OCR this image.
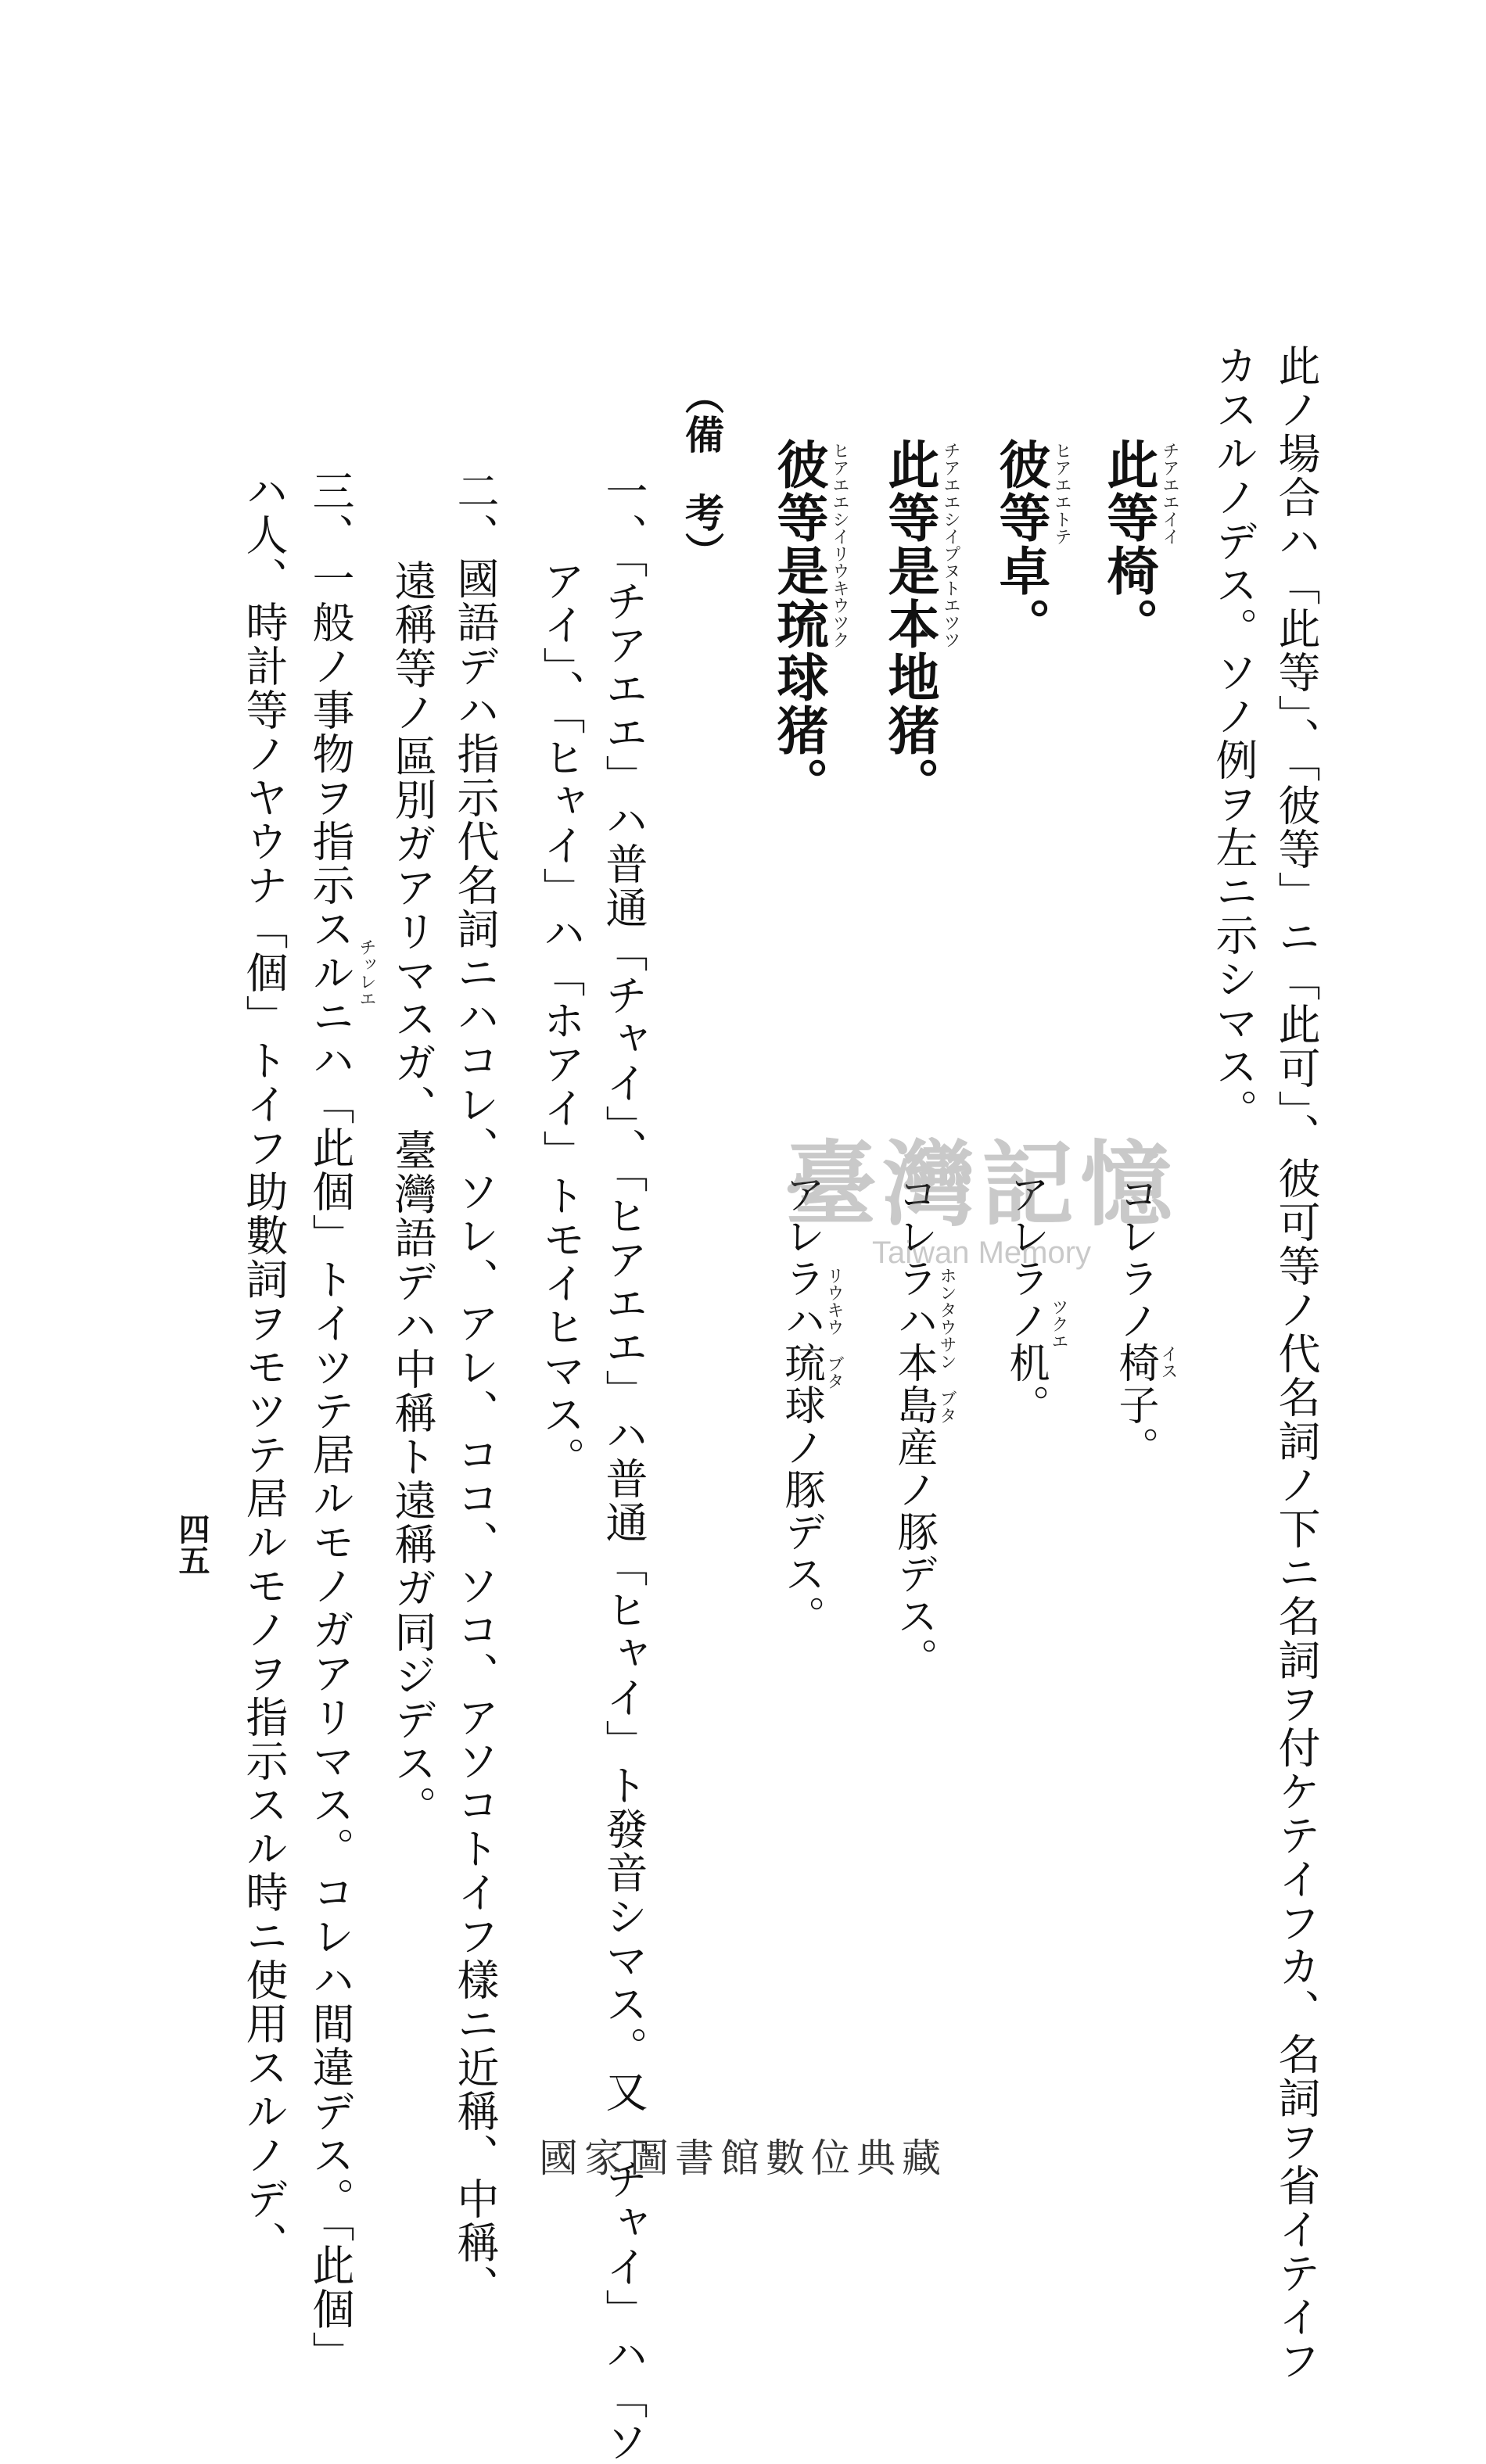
此ノ場合ハ「此等」、「彼等」ニ「此可」、彼可等ノ代名詞ノ下ニ名詞ヲ付ケテイフカ、名詞ヲ省イテイフ
カスルノデス。ソノ例ヲ左ニ示シマス。
此等椅。 チアエエイイ
彼等卓。 ヒアエエトテ
此等是本地猪。 チアエエシイプヌトエツツ
彼等是琉球猪。 ヒアエエシイリウキウツク
コレラノ椅子。 イス
アレラノ机。 ツクエ
コレラハ本島産ノ豚デス。 ホンタウサン ブタ
アレラハ琉球ノ豚デス。 リウキウ ブタ
（備　考）
一、「チアエエ」ハ普通「チャイ」、「ヒアエエ」ハ普通「ヒャイ」ト發音シマス。又「チャイ」ハ「ソ
アイ」、「ヒャイ」ハ「ホアイ」トモイヒマス。
二、國語デハ指示代名詞ニハコレ、ソレ、アレ、ココ、ソコ、アソコトイフ樣ニ近稱、中稱、
遠稱等ノ區別ガアリマスガ、臺灣語デハ中稱ト遠稱ガ同ジデス。
三、一般ノ事物ヲ指示スルニハ「此個」トイツテ居ルモノガアリマス。コレハ間違デス。「此個」 チッレエ
ハ人、時計等ノヤウナ「個」トイフ助數詞ヲモツテ居ルモノヲ指示スル時ニ使用スルノデ、
四五
臺灣記憶
Taiwan Memory
國家圖書館數位典藏
